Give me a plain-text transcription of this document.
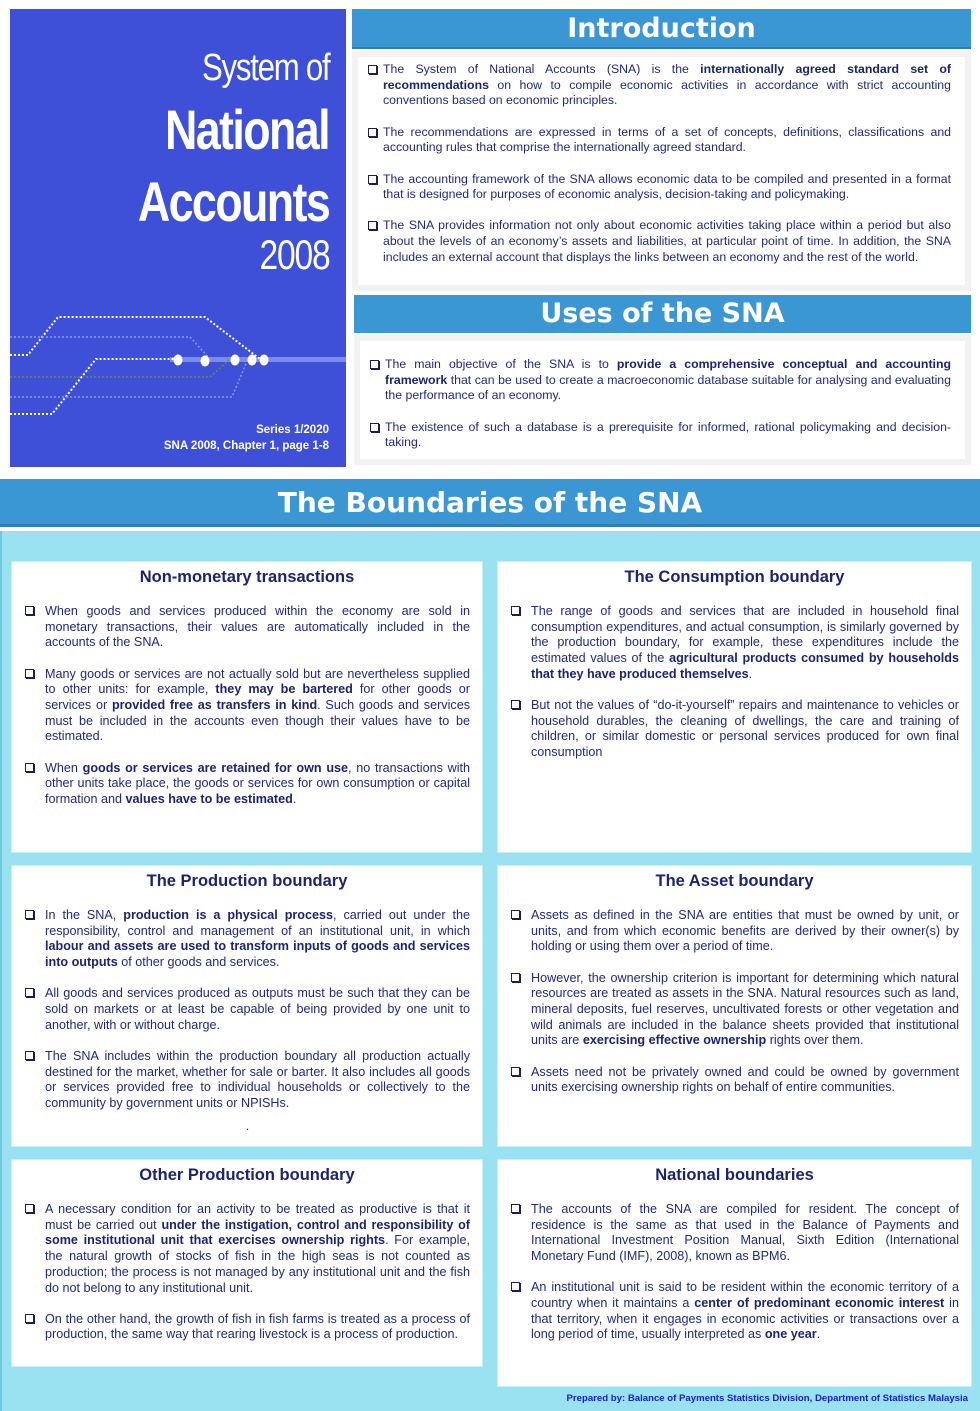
System of
National
Accounts
2008
Series 1/2020
SNA 2008, Chapter 1, page 1-8
Introduction
The System of National Accounts (SNA) is the internationally agreed standard set of recommendations on how to compile economic activities in accordance with strict accounting conventions based on economic principles.
The recommendations are expressed in terms of a set of concepts, definitions, classifications and accounting rules that comprise the internationally agreed standard.
The accounting framework of the SNA allows economic data to be compiled and presented in a format that is designed for purposes of economic analysis, decision-taking and policymaking.
The SNA provides information not only about economic activities taking place within a period but also about the levels of an economy’s assets and liabilities, at particular point of time. In addition, the SNA includes an external account that displays the links between an economy and the rest of the world.
Uses of the SNA
The main objective of the SNA is to provide a comprehensive conceptual and accounting framework that can be used to create a macroeconomic database suitable for analysing and evaluating the performance of an economy.
The existence of such a database is a prerequisite for informed, rational policymaking and decision-taking.
The Boundaries of the SNA
Non-monetary transactions
When goods and services produced within the economy are sold in monetary transactions, their values are automatically included in the accounts of the SNA.
Many goods or services are not actually sold but are nevertheless supplied to other units: for example, they may be bartered for other goods or services or provided free as transfers in kind. Such goods and services must be included in the accounts even though their values have to be estimated.
When goods or services are retained for own use, no transactions with other units take place, the goods or services for own consumption or capital formation and values have to be estimated.
The Consumption boundary
The range of goods and services that are included in household final consumption expenditures, and actual consumption, is similarly governed by the production boundary, for example, these expenditures include the estimated values of the agricultural products consumed by households that they have produced themselves.
But not the values of “do-it-yourself” repairs and maintenance to vehicles or household durables, the cleaning of dwellings, the care and training of children, or similar domestic or personal services produced for own final consumption
The Production boundary
In the SNA, production is a physical process, carried out under the responsibility, control and management of an institutional unit, in which labour and assets are used to transform inputs of goods and services into outputs of other goods and services.
All goods and services produced as outputs must be such that they can be sold on markets or at least be capable of being provided by one unit to another, with or without charge.
The SNA includes within the production boundary all production actually destined for the market, whether for sale or barter. It also includes all goods or services provided free to individual households or collectively to the community by government units or NPISHs.
.
The Asset boundary
Assets as defined in the SNA are entities that must be owned by unit, or units, and from which economic benefits are derived by their owner(s) by holding or using them over a period of time.
However, the ownership criterion is important for determining which natural resources are treated as assets in the SNA. Natural resources such as land, mineral deposits, fuel reserves, uncultivated forests or other vegetation and wild animals are included in the balance sheets provided that institutional units are exercising effective ownership rights over them.
Assets need not be privately owned and could be owned by government units exercising ownership rights on behalf of entire communities.
Other Production boundary
A necessary condition for an activity to be treated as productive is that it must be carried out under the instigation, control and responsibility of some institutional unit that exercises ownership rights. For example, the natural growth of stocks of fish in the high seas is not counted as production; the process is not managed by any institutional unit and the fish do not belong to any institutional unit.
On the other hand, the growth of fish in fish farms is treated as a process of production, the same way that rearing livestock is a process of production.
National boundaries
The accounts of the SNA are compiled for resident. The concept of residence is the same as that used in the Balance of Payments and International Investment Position Manual, Sixth Edition (International Monetary Fund (IMF), 2008), known as BPM6.
An institutional unit is said to be resident within the economic territory of a country when it maintains a center of predominant economic interest in that territory, when it engages in economic activities or transactions over a long period of time, usually interpreted as one year.
Prepared by: Balance of Payments Statistics Division, Department of Statistics Malaysia
